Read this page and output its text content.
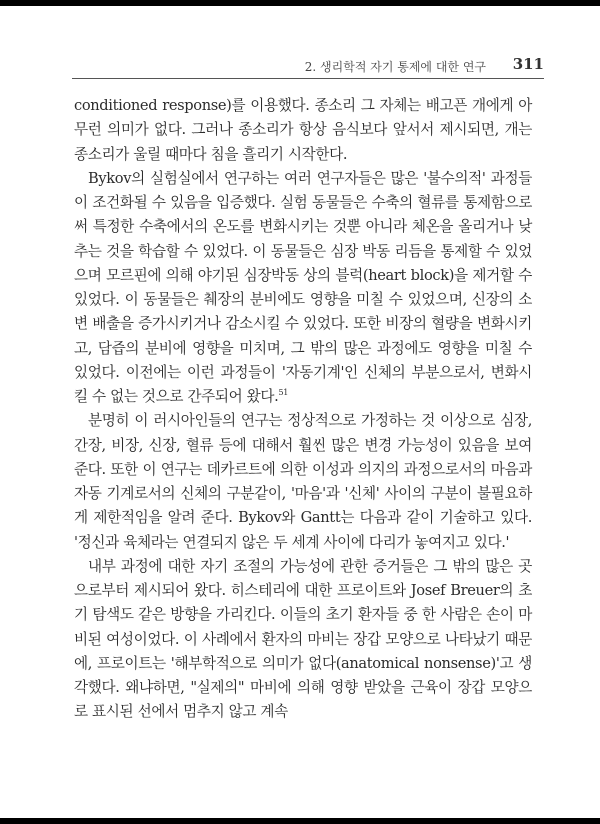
2. 생리학적 자기 통제에 대한 연구 311

conditioned response)를 이용했다. 종소리 그 자체는 배고픈 개에게 아무런 의미가 없다. 그러나 종소리가 항상 음식보다 앞서서 제시되면, 개는 종소리가 울릴 때마다 침을 흘리기 시작한다.

Bykov의 실험실에서 연구하는 여러 연구자들은 많은 '불수의적' 과정들이 조건화될 수 있음을 입증했다. 실험 동물들은 수축의 혈류를 통제함으로써 특정한 수축에서의 온도를 변화시키는 것뿐 아니라 체온을 올리거나 낮추는 것을 학습할 수 있었다. 이 동물들은 심장 박동 리듬을 통제할 수 있었으며 모르핀에 의해 야기된 심장박동 상의 블럭(heart block)을 제거할 수 있었다. 이 동물들은 췌장의 분비에도 영향을 미칠 수 있었으며, 신장의 소변 배출을 증가시키거나 감소시킬 수 있었다. 또한 비장의 혈량을 변화시키고, 담즙의 분비에 영향을 미치며, 그 밖의 많은 과정에도 영향을 미칠 수 있었다. 이전에는 이런 과정들이 '자동기계'인 신체의 부분으로서, 변화시킬 수 없는 것으로 간주되어 왔다.$^{51}$

분명히 이 러시아인들의 연구는 정상적으로 가정하는 것 이상으로 심장, 간장, 비장, 신장, 혈류 등에 대해서 훨씬 많은 변경 가능성이 있음을 보여 준다. 또한 이 연구는 데카르트에 의한 이성과 의지의 과정으로서의 마음과 자동 기계로서의 신체의 구분같이, '마음'과 '신체' 사이의 구분이 불필요하게 제한적임을 알려 준다. Bykov와 Gantt는 다음과 같이 기술하고 있다. '정신과 육체라는 연결되지 않은 두 세계 사이에 다리가 놓여지고 있다.'

내부 과정에 대한 자기 조절의 가능성에 관한 증거들은 그 밖의 많은 곳으로부터 제시되어 왔다. 히스테리에 대한 프로이트와 Josef Breuer의 초기 탐색도 같은 방향을 가리킨다. 이들의 초기 환자들 중 한 사람은 손이 마비된 여성이었다. 이 사례에서 환자의 마비는 장갑 모양으로 나타났기 때문에, 프로이트는 '해부학적으로 의미가 없다(anatomical nonsense)'고 생각했다. 왜냐하면, "실제의" 마비에 의해 영향 받았을 근육이 장갑 모양으로 표시된 선에서 멈추지 않고 계속
